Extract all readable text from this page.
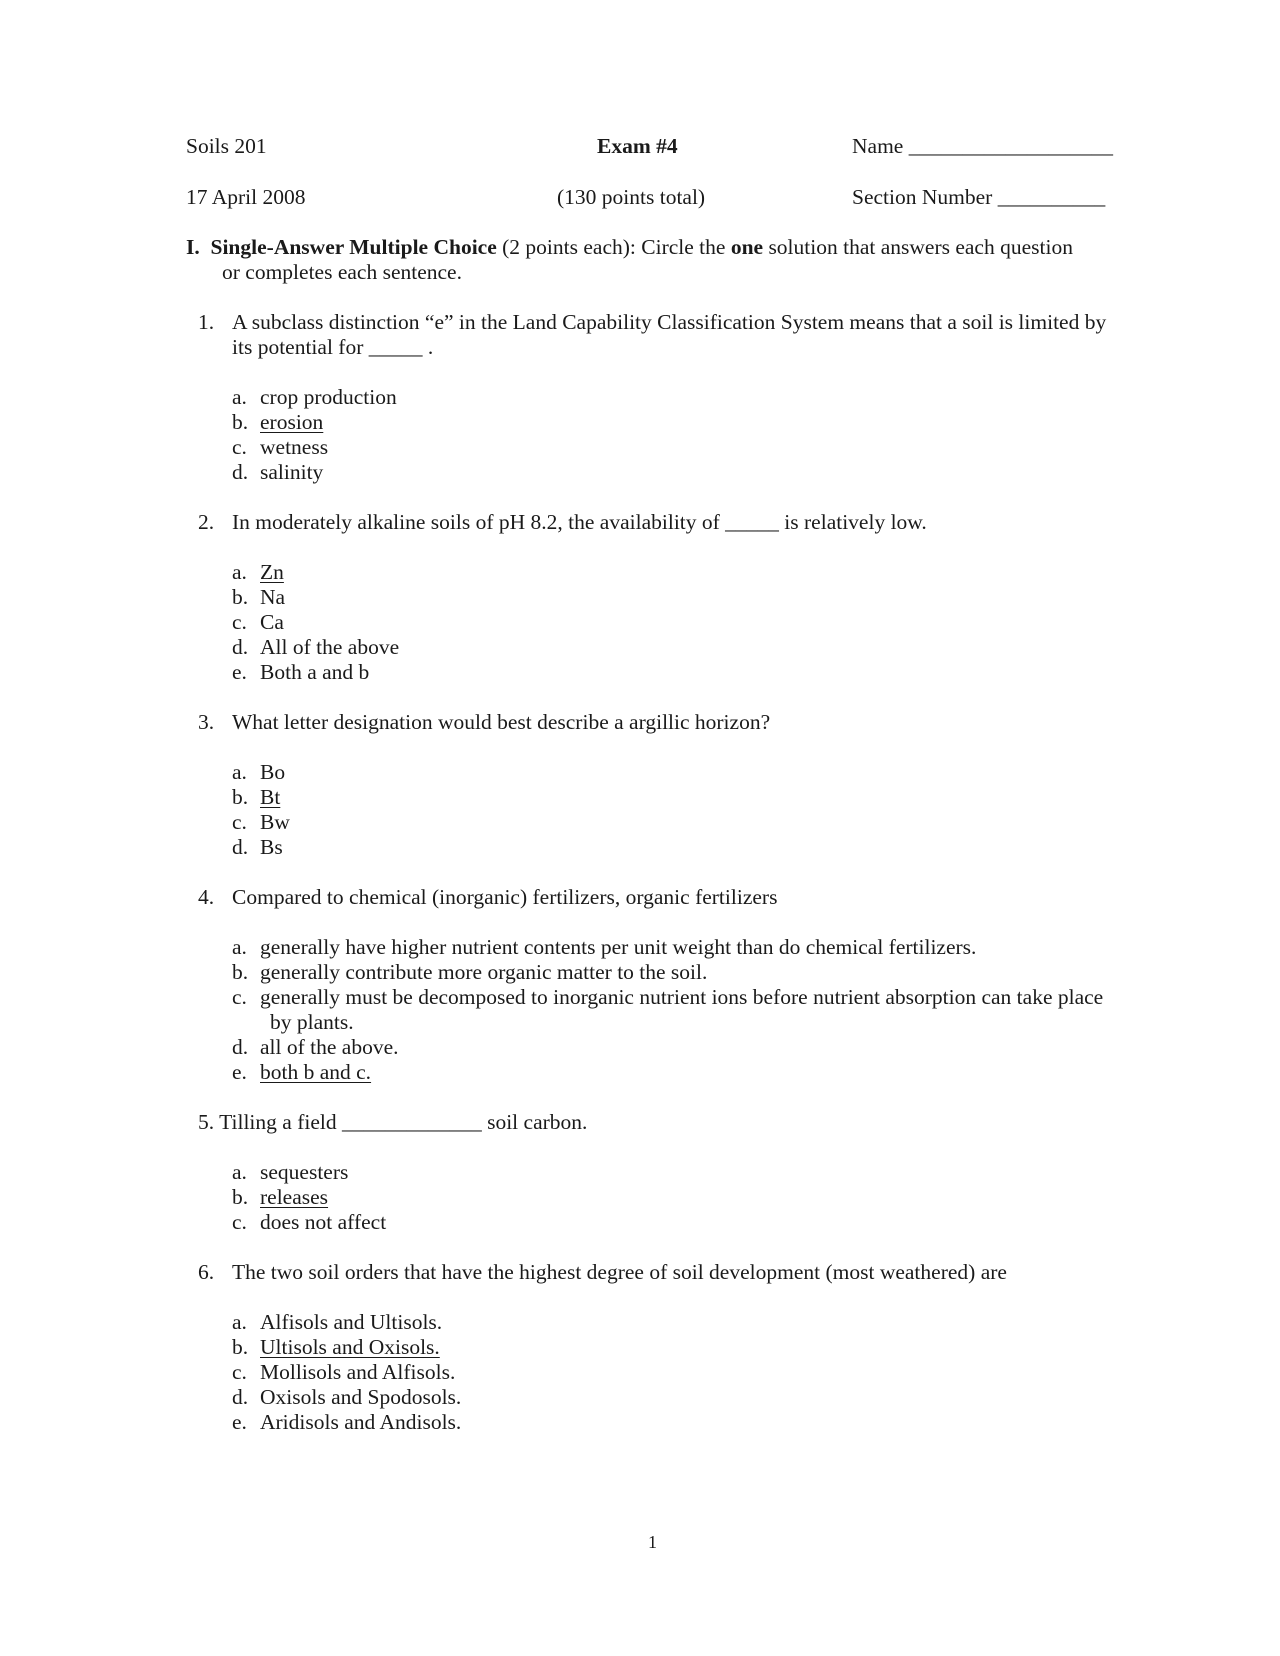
Soils 201	Exam #4	Name ___________________
17 April 2008	(130 points total)	Section Number __________
I. Single-Answer Multiple Choice (2 points each): Circle the one solution that answers each question
or completes each sentence.
1. A subclass distinction “e” in the Land Capability Classification System means that a soil is limited by
its potential for _____ .
a. crop production
b. erosion
c. wetness
d. salinity
2. In moderately alkaline soils of pH 8.2, the availability of _____ is relatively low.
a. Zn
b. Na
c. Ca
d. All of the above
e. Both a and b
3. What letter designation would best describe a argillic horizon?
a. Bo
b. Bt
c. Bw
d. Bs
4. Compared to chemical (inorganic) fertilizers, organic fertilizers
a. generally have higher nutrient contents per unit weight than do chemical fertilizers.
b. generally contribute more organic matter to the soil.
c. generally must be decomposed to inorganic nutrient ions before nutrient absorption can take place
by plants.
d. all of the above.
e. both b and c.
5. Tilling a field _____________ soil carbon.
a. sequesters
b. releases
c. does not affect
6. The two soil orders that have the highest degree of soil development (most weathered) are
a. Alfisols and Ultisols.
b. Ultisols and Oxisols.
c. Mollisols and Alfisols.
d. Oxisols and Spodosols.
e. Aridisols and Andisols.
1
